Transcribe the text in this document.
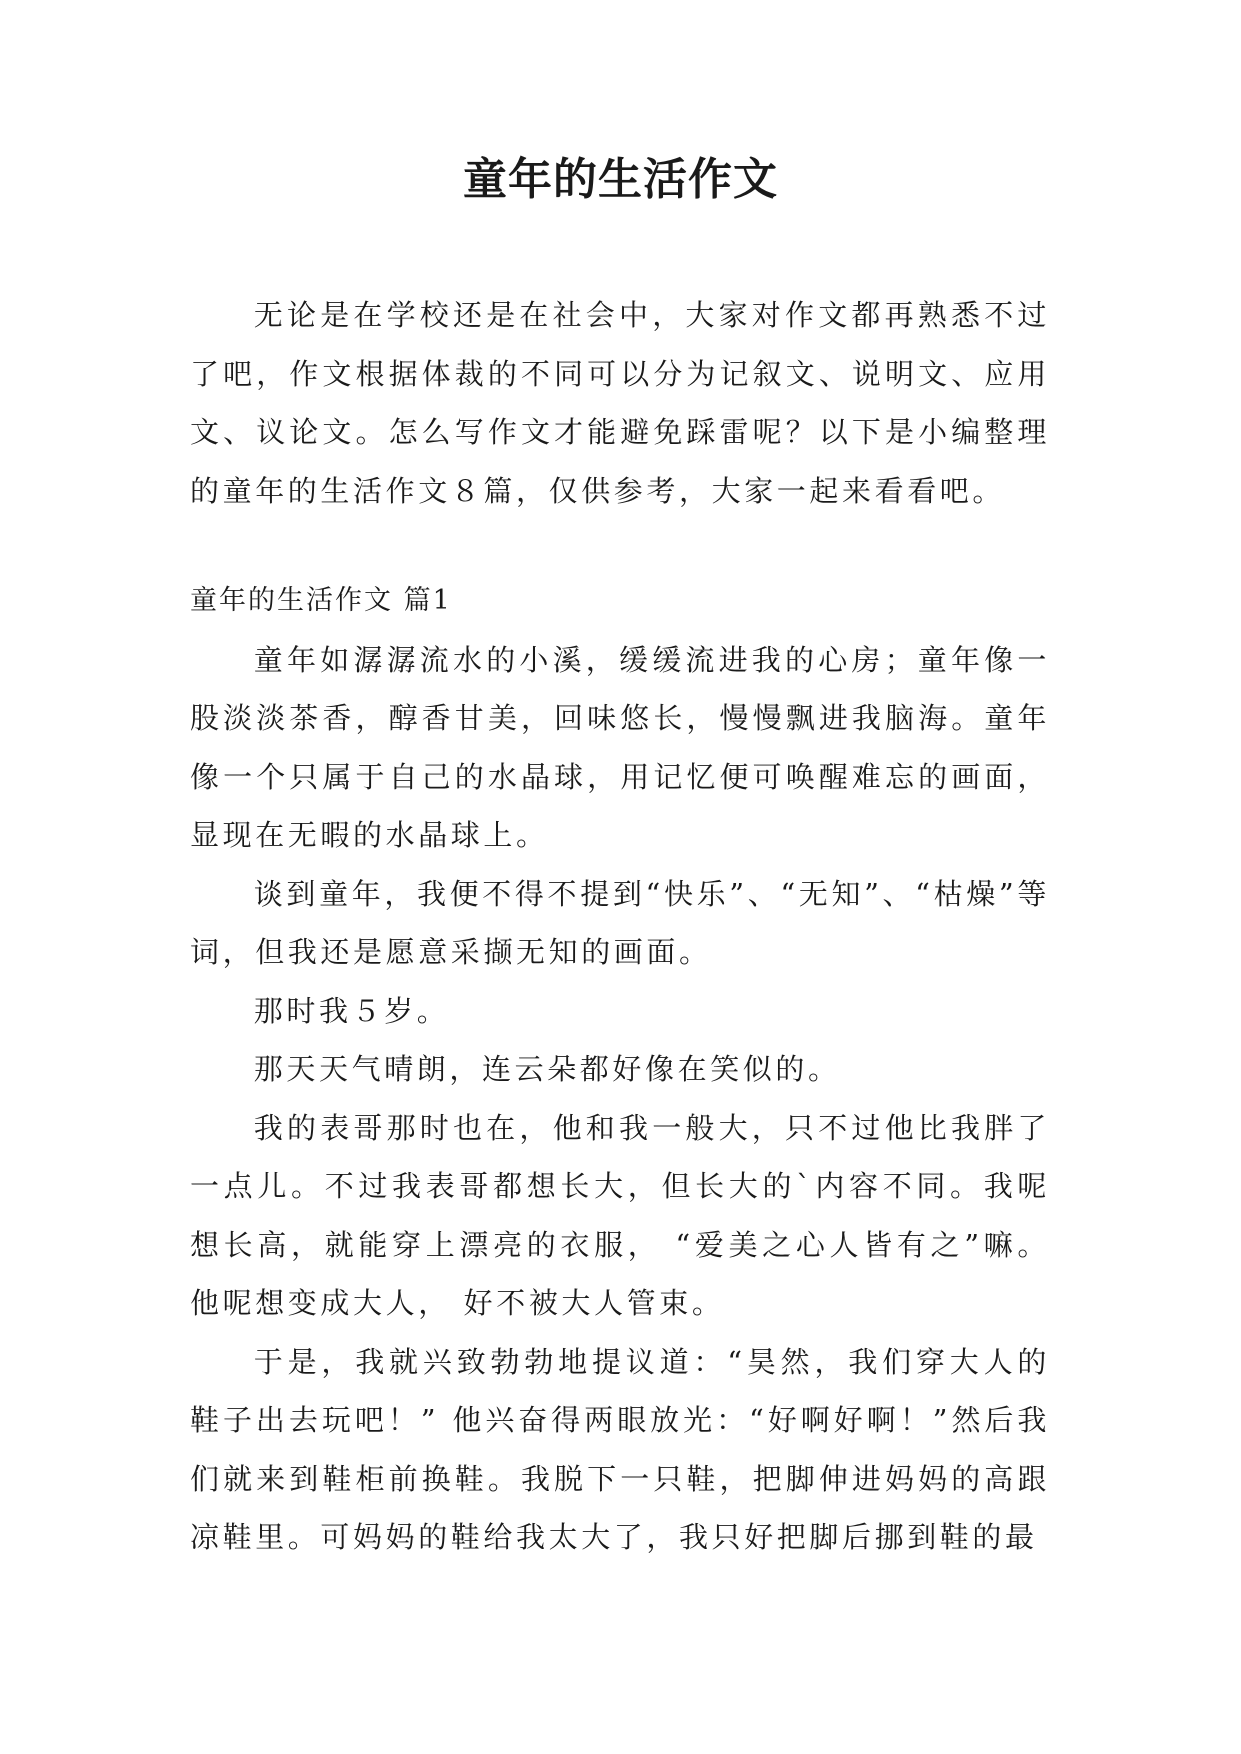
童年的生活作文

无论是在学校还是在社会中，大家对作文都再熟悉不过了吧，作文根据体裁的不同可以分为记叙文、说明文、应用文、议论文。怎么写作文才能避免踩雷呢？以下是小编整理的童年的生活作文８篇，仅供参考，大家一起来看看吧。

童年的生活作文 篇1

童年如潺潺流水的小溪，缓缓流进我的心房；童年像一股淡淡茶香，醇香甘美，回味悠长，慢慢飘进我脑海。童年像一个只属于自己的水晶球，用记忆便可唤醒难忘的画面，显现在无暇的水晶球上。

谈到童年，我便不得不提到“快乐”、“无知”、“枯燥”等词，但我还是愿意采撷无知的画面。

那时我５岁。

那天天气晴朗，连云朵都好像在笑似的。

我的表哥那时也在，他和我一般大，只不过他比我胖了一点儿。不过我表哥都想长大，但长大的`内容不同。我呢想长高，就能穿上漂亮的衣服， “爱美之心人皆有之”嘛。他呢想变成大人， 好不被大人管束。

于是，我就兴致勃勃地提议道：“昊然，我们穿大人的鞋子出去玩吧！” 他兴奋得两眼放光：“好啊好啊！”然后我们就来到鞋柜前换鞋。我脱下一只鞋，把脚伸进妈妈的高跟凉鞋里。可妈妈的鞋给我太大了，我只好把脚后挪到鞋的最
